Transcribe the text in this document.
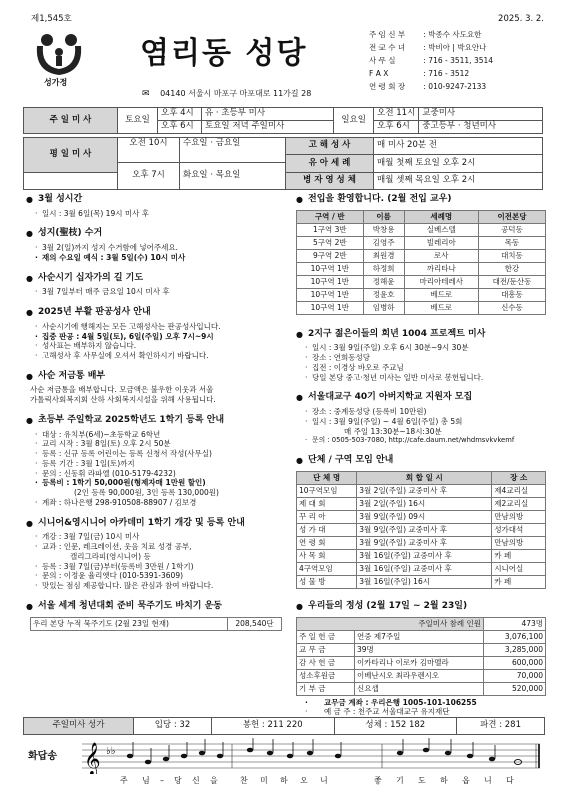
제1,545호	2025. 3. 2.
성가정
염리동 성당
✉ 04140 서울시 마포구 마포대로 11가길 28
· 주 임 신 부 : 박종수 사도요한
· 전 교 수 녀 : 박비아 | 박요안나
· 사 무 실	: 716 - 3511, 3514
· F A X	: 716 - 3512
· 연 령 회 장 : 010-9247-2133
주 일 미 사	토요일	오후 4시	유 · 초등부 미사	일요일	오전 11시	교중미사
		오후 6시	토요일 저녁 주일미사		오후 6시	중고등부 · 청년미사
평 일 미 사	오전 10시	수요일 · 금요일	고 해 성 사	매 미사 20분 전
			유 아 세 례	매월 첫째 토요일 오후 2시
	오후 7시	화요일 · 목요일		
			병 자 영 성 체	매월 셋째 목요일 오후 2시
● 3월 성시간
· 일시 : 3월 6일(목) 19시 미사 후
● 성지(聖枝) 수거
· 3월 2(일)까지 성지 수거함에 넣어주세요.
· 재의 수요일 예식 : 3월 5일(수) 10시 미사
● 사순시기 십자가의 길 기도
· 3월 7일부터 매주 금요일 10시 미사 후
● 2025년 부활 판공성사 안내
· 사순시기에 행해지는 모든 고해성사는 판공성사입니다.
· 집중 판공 : 4월 5일(토), 6일(주일) 오후 7시~9시
· 성사표는 배부하지 않습니다.
· 고해성사 후 사무실에 오셔서 확인하시기 바랍니다.
● 사순 저금통 배부
사순 저금통을 배부합니다. 모금액은 불우한 이웃과 서울
가톨릭사회복지회 산하 사회복지시설을 위해 사용됩니다.
● 초등부 주일학교 2025학년도 1학기 등록 안내
· 대상 : 유치부(6세)~초등학교 6학년
· 교리 시작 : 3월 8일(토) 오후 2시 50분
· 등록 : 신규 등록 어린이는 등록 신청서 작성(사무실)
· 등록 기간 : 3월 1일(토)까지
· 문의 : 신동휘 라파엘 (010-5179-4232)
· 등록비 : 1학기 50,000원(형제자매 1만원 할인)
(2인 등록 90,000원, 3인 등록 130,000원)
· 계좌 : 하나은행 298-910508-88907 / 김보경
● 시니어&영시니어 아카데미 1학기 개강 및 등록 안내
· 개강 : 3월 7일(금) 10시 미사
· 교과 : 인문, 레크레이션, 웃음 치료 성경 공부,
캘리그라피(영시니어) 등
· 등록 : 3월 7일(금)부터(등록비 3만원 / 1학기)
· 문의 : 이정윤 율리엣다 (010-5391-3609)
· 맛있는 점심 제공합니다. 많은 관심과 참여 바랍니다.
● 서울 세계 청년대회 준비 묵주기도 바치기 운동
우리 본당 누적 묵주기도 (2월 23일 현재)	208,540단
● 전입을 환영합니다. (2월 전입 교우)
구역 / 반	이름	세례명	이전본당
1구역 3반	박창용	실베스텔	공덕동
5구역 2반	김영주	빌레리아	목동
9구역 2반	최원경	로사	대치동
10구역 1반	하정희	까리타나	한강
10구역 1반	정해윤	마리아테레사	대전/둔산동
10구역 1반	정윤호	베드로	대흥동
10구역 1반	임병하	베드로	신수동
● 2지구 젊은이들의 희년 1004 프로젝트 미사
· 일시 : 3월 9일(주일) 오후 6시 30분~9시 30분
· 장소 : 연희동성당
· 집전 : 이경상 바오로 주교님
· 당일 본당 중고·청년 미사는 일반 미사로 봉헌됩니다.
● 서울대교구 40기 아버지학교 지원자 모집
· 장소 : 중계동성당 (등록비 10만원)
· 일시 : 3월 9일(주일) ~ 4월 6일(주일) 총 5회
매 주일 13:30분~18시:30분
· 문의 : 0505-503-7080, http://cafe.daum.net/whdmsvkvkemf
● 단체 / 구역 모임 안내
단 체 명	회 합 일 시	장 소
10구역모임	3월 2일(주일) 교중미사 후	제4교리실
제 대 회	3월 2일(주일) 16시	제2교리실
꾸 리 아	3월 9일(주일) 09시	만남의방
성 가 대	3월 9일(주일) 교중미사 후	성가대석
연 령 회	3월 9일(주일) 교중미사 후	만남의방
사 목 회	3월 16일(주일) 교중미사 후	카 페
4구역모임	3월 16일(주일) 교중미사 후	시니어실
성 물 방	3월 16일(주일) 16시	카 페
● 우리들의 정성 (2월 17일 ~ 2월 23일)
주일미사 참례 인원		473명
주 일 헌 금	연중 제7주일	3,076,100
교 무 금	39명	3,285,000
감 사 헌 금	이카타리나 이로카 김마멜라	600,000
성소후원금	이베난시오 최라우렌시오	70,000
기 부 금	신요셉	520,000
· 교무금 계좌 : 우리은행 1005-101-106255
· 예 금 주 : 천주교 서울대교구 유지재단
주일미사 성가	입당 : 32	봉헌 : 211 220	성체 : 152 182	파견 : 281
화답송 𝄞 ♭♭
주 님 – 당 신 을	찬 미 하 오 니	좋 기 도 하 옵 니 다
